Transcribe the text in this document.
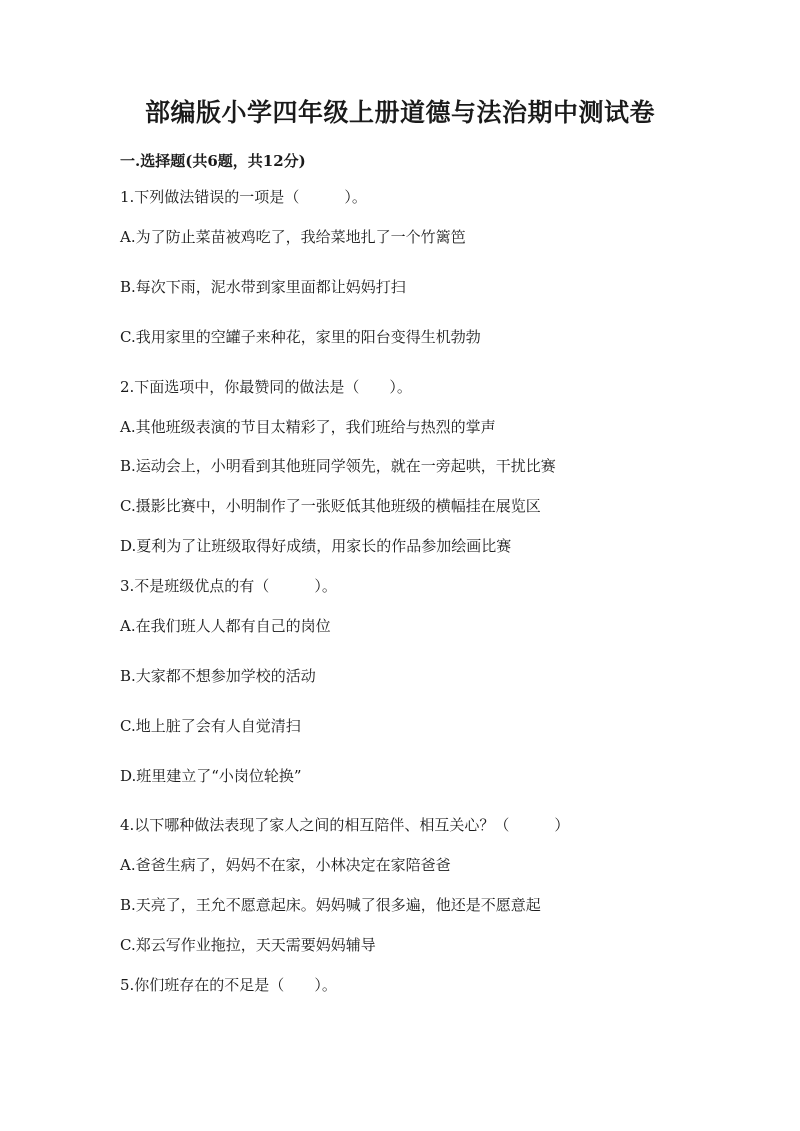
部编版小学四年级上册道德与法治期中测试卷
一.选择题(共6题，共12分)
1.下列做法错误的一项是（　　　）。
A.为了防止菜苗被鸡吃了，我给菜地扎了一个竹篱笆
B.每次下雨，泥水带到家里面都让妈妈打扫
C.我用家里的空罐子来种花，家里的阳台变得生机勃勃
2.下面选项中，你最赞同的做法是（　　）。
A.其他班级表演的节目太精彩了，我们班给与热烈的掌声
B.运动会上，小明看到其他班同学领先，就在一旁起哄，干扰比赛
C.摄影比赛中，小明制作了一张贬低其他班级的横幅挂在展览区
D.夏利为了让班级取得好成绩，用家长的作品参加绘画比赛
3.不是班级优点的有（　　　）。
A.在我们班人人都有自己的岗位
B.大家都不想参加学校的活动
C.地上脏了会有人自觉清扫
D.班里建立了“小岗位轮换”
4.以下哪种做法表现了家人之间的相互陪伴、相互关心？（　　　）
A.爸爸生病了，妈妈不在家，小林决定在家陪爸爸
B.天亮了，王允不愿意起床。妈妈喊了很多遍，他还是不愿意起
C.郑云写作业拖拉，天天需要妈妈辅导
5.你们班存在的不足是（　　）。
